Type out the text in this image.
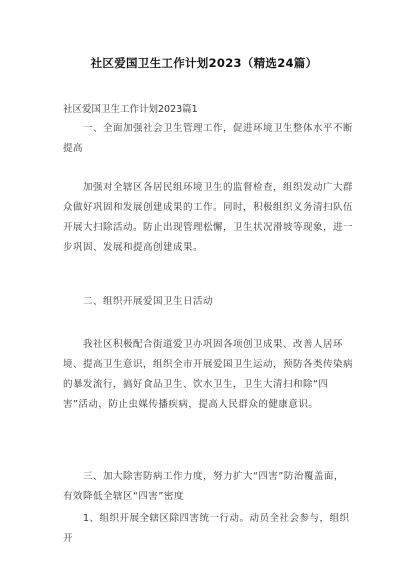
社区爱国卫生工作计划2023（精选24篇）
社区爱国卫生工作计划2023篇1
一、全面加强社会卫生管理工作，促进环境卫生整体水平不断提高
加强对全辖区各居民组环境卫生的监督检查，组织发动广大群众做好巩固和发展创建成果的工作。同时，积极组织义务清扫队伍开展大扫除活动。防止出现管理松懈，卫生状况滑坡等现象，进一步巩固、发展和提高创建成果。
二、组织开展爱国卫生日活动
我社区积极配合街道爱卫办巩固各项创卫成果、改善人居环境、提高卫生意识，组织全市开展爱国卫生运动，预防各类传染病的暴发流行，搞好食品卫生、饮水卫生，卫生大清扫和除“四害”活动，防止虫媒传播疾病，提高人民群众的健康意识。
三、加大除害防病工作力度，努力扩大“四害”防治覆盖面，有效降低全辖区“四害”密度
1、组织开展全辖区除四害统一行动。动员全社会参与，组织开
